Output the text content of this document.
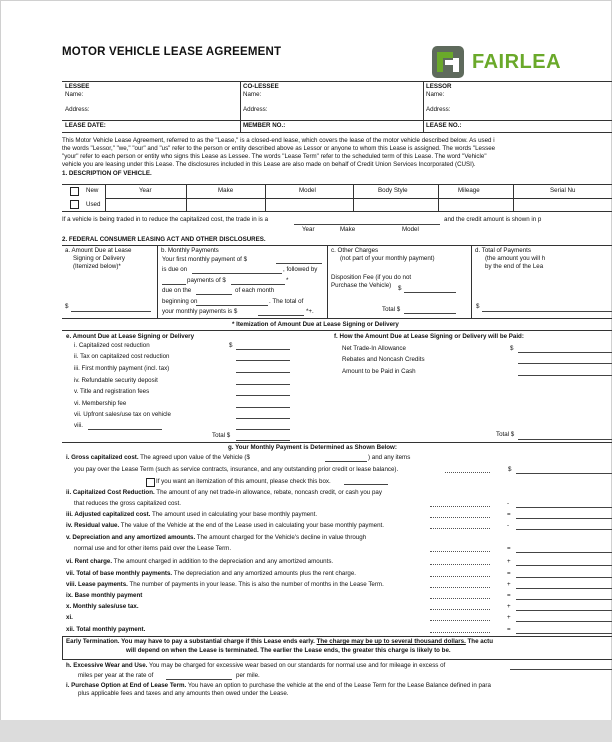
MOTOR VEHICLE LEASE AGREEMENT	FAIRLEA
LESSEE
Name:
Address:
CO-LESSEE
Name:
Address:
LESSOR
Name:
Address:
LEASE DATE:	MEMBER NO.:	LEASE NO.:
This Motor Vehicle Lease Agreement, referred to as the "Lease," is a closed-end lease, which covers the lease of the motor vehicle described below. As used i
the words "Lessor," "we," "our" and "us" refer to the person or entity described above as Lessor or anyone to whom this Lease is assigned. The words "Lessee
"your" refer to each person or entity who signs this Lease as Lessee. The words "Lease Term" refer to the scheduled term of this Lease. The word "Vehicle"
vehicle you are leasing under this Lease. The disclosures included in this Lease are also made on behalf of Credit Union Services Incorporated (CUSI).
1. DESCRIPTION OF VEHICLE.
New
Used
Year	Make	Model	Body Style	Mileage	Serial Nu
If a vehicle is being traded in to reduce the capitalized cost, the trade in is a	and the credit amount is shown in p
Year	Make	Model
2. FEDERAL CONSUMER LEASING ACT AND OTHER DISCLOSURES.
a. Amount Due at Lease
Signing or Delivery
(Itemized below)*
$
b. Monthly Payments
Your first monthly payment of $
is due on	, followed by
payments of $	*
due on the	of each month
beginning on	. The total of
your monthly payments is $	*+.
c. Other Charges
(not part of your monthly payment)
Disposition Fee (if you do not
Purchase the Vehicle) $
Total $
d. Total of Payments
(the amount you will h
by the end of the Lea
$
* Itemization of Amount Due at Lease Signing or Delivery
e. Amount Due at Lease Signing or Delivery
i. Capitalized cost reduction
ii. Tax on capitalized cost reduction
iii. First monthly payment (incl. tax)
iv. Refundable security deposit
v. Title and registration fees
vi. Membership fee
vii. Upfront sales/use tax on vehicle
viii.
$
Total $
f. How the Amount Due at Lease Signing or Delivery will be Paid:
Net Trade-In Allowance
Rebates and Noncash Credits
Amount to be Paid in Cash
$
Total $
g. Your Monthly Payment is Determined as Shown Below:
i. Gross capitalized cost. The agreed upon value of the Vehicle ($	) and any items
you pay over the Lease Term (such as service contracts, insurance, and any outstanding prior credit or lease balance).	$
If you want an itemization of this amount, please check this box.
ii. Capitalized Cost Reduction. The amount of any net trade-in allowance, rebate, noncash credit, or cash you pay
that reduces the gross capitalized cost.	-
iii. Adjusted capitalized cost. The amount used in calculating your base monthly payment.	=
iv. Residual value. The value of the Vehicle at the end of the Lease used in calculating your base monthly payment.	-
v. Depreciation and any amortized amounts. The amount charged for the Vehicle's decline in value through
normal use and for other items paid over the Lease Term.	=
vi. Rent charge. The amount charged in addition to the depreciation and any amortized amounts.	+
vii. Total of base monthly payments. The depreciation and any amortized amounts plus the rent charge.	=
viii. Lease payments. The number of payments in your lease. This is also the number of months in the Lease Term.	+
ix. Base monthly payment	=
x. Monthly sales/use tax.	+
xi.	+
xii. Total monthly payment.	=
Early Termination. You may have to pay a substantial charge if this Lease ends early. The charge may be up to several thousand dollars. The actu
will depend on when the Lease is terminated. The earlier the Lease ends, the greater this charge is likely to be.
h. Excessive Wear and Use. You may be charged for excessive wear based on our standards for normal use and for mileage in excess of
miles per year at the rate of	per mile.
i. Purchase Option at End of Lease Term. You have an option to purchase the vehicle at the end of the Lease Term for the Lease Balance defined in para
plus applicable fees and taxes and any amounts then owed under the Lease.
